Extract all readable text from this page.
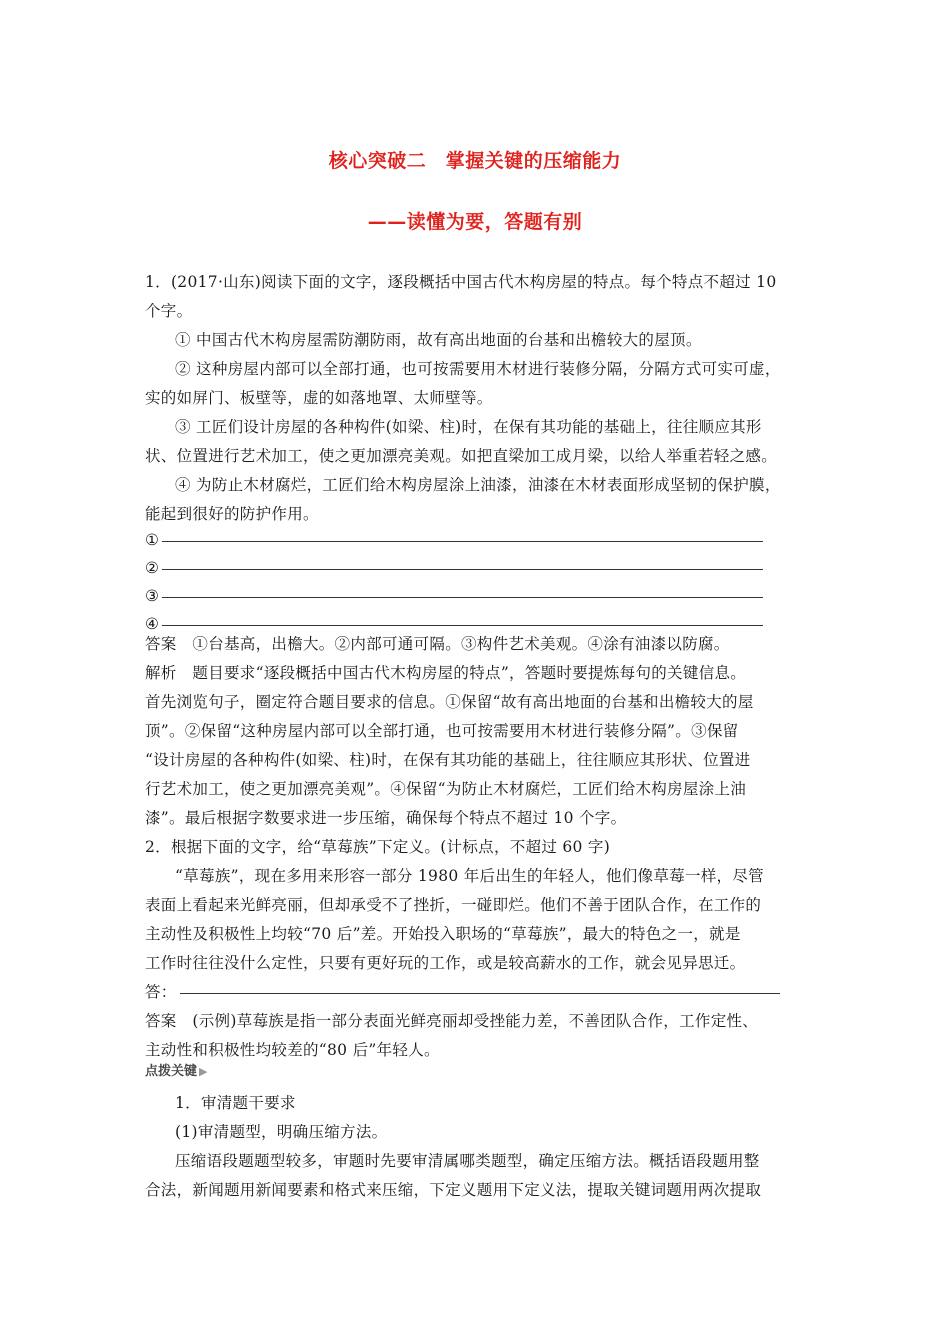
核心突破二　掌握关键的压缩能力
——读懂为要，答题有别
1．(2017·山东)阅读下面的文字，逐段概括中国古代木构房屋的特点。每个特点不超过 10
个字。
① 中国古代木构房屋需防潮防雨，故有高出地面的台基和出檐较大的屋顶。
② 这种房屋内部可以全部打通，也可按需要用木材进行装修分隔，分隔方式可实可虚，
实的如屏门、板壁等，虚的如落地罩、太师壁等。
③ 工匠们设计房屋的各种构件(如梁、柱)时，在保有其功能的基础上，往往顺应其形
状、位置进行艺术加工，使之更加漂亮美观。如把直梁加工成月梁，以给人举重若轻之感。
④ 为防止木材腐烂，工匠们给木构房屋涂上油漆，油漆在木材表面形成坚韧的保护膜，
能起到很好的防护作用。
①
②
③
④
答案　①台基高，出檐大。②内部可通可隔。③构件艺术美观。④涂有油漆以防腐。
解析　题目要求“逐段概括中国古代木构房屋的特点”，答题时要提炼每句的关键信息。
首先浏览句子，圈定符合题目要求的信息。①保留“故有高出地面的台基和出檐较大的屋
顶”。②保留“这种房屋内部可以全部打通，也可按需要用木材进行装修分隔”。③保留
“设计房屋的各种构件(如梁、柱)时，在保有其功能的基础上，往往顺应其形状、位置进
行艺术加工，使之更加漂亮美观”。④保留“为防止木材腐烂，工匠们给木构房屋涂上油
漆”。最后根据字数要求进一步压缩，确保每个特点不超过 10 个字。
2．根据下面的文字，给“草莓族”下定义。(计标点，不超过 60 字)
“草莓族”，现在多用来形容一部分 1980 年后出生的年轻人，他们像草莓一样，尽管
表面上看起来光鲜亮丽，但却承受不了挫折，一碰即烂。他们不善于团队合作，在工作的
主动性及积极性上均较“70 后”差。开始投入职场的“草莓族”，最大的特色之一，就是
工作时往往没什么定性，只要有更好玩的工作，或是较高薪水的工作，就会见异思迁。
答：
答案　(示例)草莓族是指一部分表面光鲜亮丽却受挫能力差，不善团队合作，工作定性、
主动性和积极性均较差的“80 后”年轻人。
点拨关键 ▶
1．审清题干要求
(1)审清题型，明确压缩方法。
压缩语段题题型较多，审题时先要审清属哪类题型，确定压缩方法。概括语段题用整
合法，新闻题用新闻要素和格式来压缩，下定义题用下定义法，提取关键词题用两次提取
